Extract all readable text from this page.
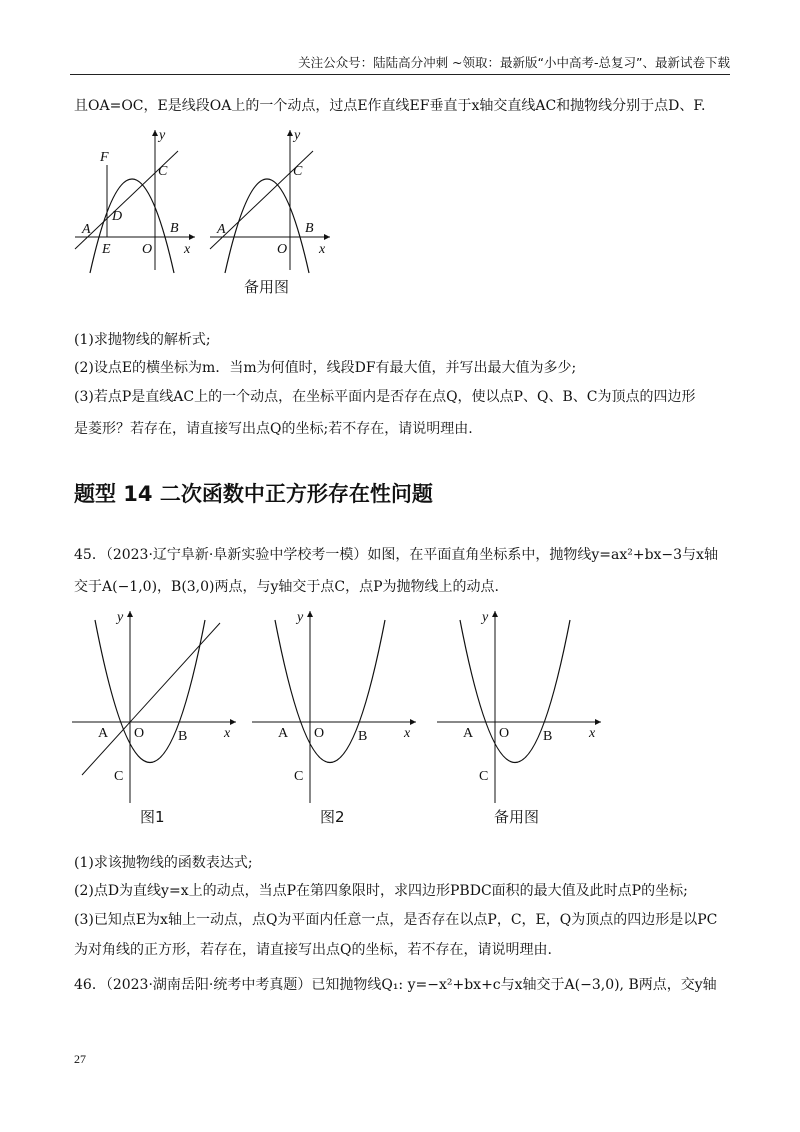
关注公众号：陆陆高分冲刺 ~领取：最新版“小中高考-总复习”、最新试卷下载
且OA=OC，E是线段OA上的一个动点，过点E作直线EF垂直于x轴交直线AC和抛物线分别于点D、F.
F
C
D
A
E O
B
x
y
C
A
O
B
x
y
备用图
(1)求抛物线的解析式;
(2)设点E的横坐标为m．当m为何值时，线段DF有最大值，并写出最大值为多少;
(3)若点P是直线AC上的一个动点，在坐标平面内是否存在点Q，使以点P、Q、B、C为顶点的四边形
是菱形？若存在，请直接写出点Q的坐标;若不存在，请说明理由.
题型 14 二次函数中正方形存在性问题
45．（2023·辽宁阜新·阜新实验中学校考一模）如图，在平面直角坐标系中，抛物线y=ax²+bx−3与x轴
交于A(−1,0)，B(3,0)两点，与y轴交于点C，点P为抛物线上的动点.
A O B
C
x
y
A O B
C
x
y
A O B
C
x
y
图1	图2	备用图
(1)求该抛物线的函数表达式;
(2)点D为直线y=x上的动点，当点P在第四象限时，求四边形PBDC面积的最大值及此时点P的坐标;
(3)已知点E为x轴上一动点，点Q为平面内任意一点，是否存在以点P，C，E，Q为顶点的四边形是以PC
为对角线的正方形，若存在，请直接写出点Q的坐标，若不存在，请说明理由.
46．（2023·湖南岳阳·统考中考真题）已知抛物线Q₁: y=−x²+bx+c与x轴交于A(−3,0), B两点，交y轴
27
